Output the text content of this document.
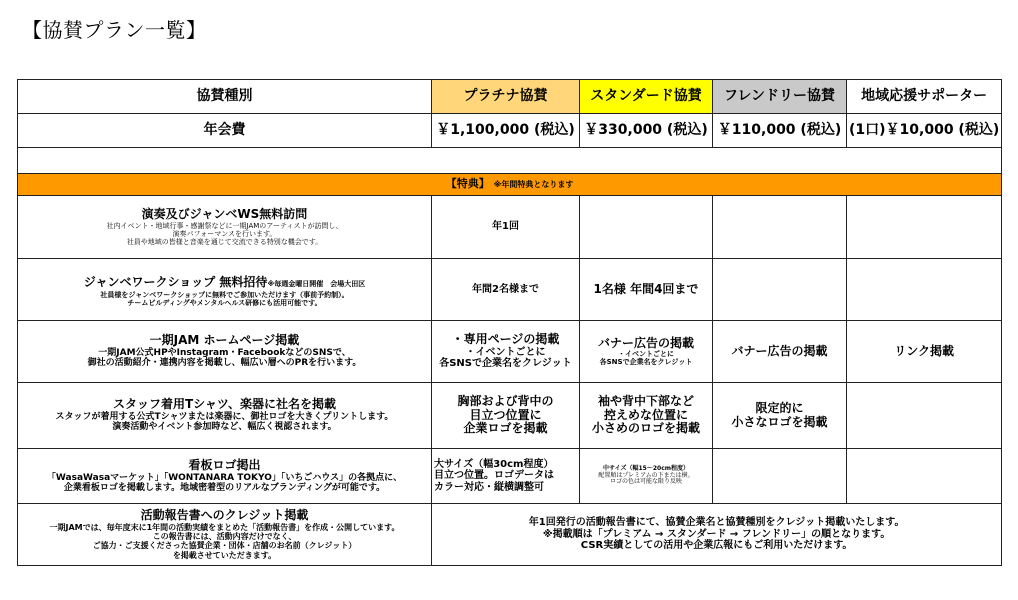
【協賛プラン一覧】
協賛種別	プラチナ協賛	スタンダード協賛	フレンドリー協賛	地域応援サポーター
年会費	￥1,100,000 (税込)	￥330,000 (税込)	￥110,000 (税込)	(1口)￥10,000 (税込)

【特典】 ※年間特典となります				

演奏及びジャンベWS無料訪問
社内イベント・地域行事・感謝祭などに一期JAMのアーティストが訪問し、
演奏パフォーマンスを行います。
社員や地域の皆様と音楽を通じて交流できる特別な機会です。	年1回			

ジャンベワークショップ 無料招待※毎週金曜日開催　会場大田区
社員様をジャンベワークショップに無料でご参加いただけます（事前予約制）。
チームビルディングやメンタルヘルス研修にも活用可能です。	年間2名様まで	1名様 年間4回まで		

一期JAM ホームページ掲載
一期JAM公式HPやInstagram・FacebookなどのSNSで、
御社の活動紹介・連携内容を掲載し、幅広い層へのPRを行います。	・専用ページの掲載
・イベントごとに
各SNSで企業名をクレジット	バナー広告の掲載
・イベントごとに
各SNSで企業名をクレジット	バナー広告の掲載	リンク掲載

スタッフ着用Tシャツ、楽器に社名を掲載
スタッフが着用する公式Tシャツまたは楽器に、御社ロゴを大きくプリントします。
演奏活動やイベント参加時など、幅広く視認されます。	胸部および背中の
目立つ位置に
企業ロゴを掲載	袖や背中下部など
控えめな位置に
小さめのロゴを掲載	限定的に
小さなロゴを掲載	

看板ロゴ掲出
「WasaWasaマーケット」「WONTANARA TOKYO」「いちごハウス」の各拠点に、
企業看板ロゴを掲載します。地域密着型のリアルなブランディングが可能です。	大サイズ（幅30cm程度）
目立つ位置。ロゴデータは
カラー対応・縦横調整可	中サイズ（幅15〜20cm程度）
配置順はプレミアムの下または横。
ロゴの色は可能な限り反映		

活動報告書へのクレジット掲載
一期JAMでは、毎年度末に1年間の活動実績をまとめた「活動報告書」を作成・公開しています。
この報告書には、活動内容だけでなく、
ご協力・ご支援くださった協賛企業・団体・店舗のお名前（クレジット）
を掲載させていただきます。	年1回発行の活動報告書にて、協賛企業名と協賛種別をクレジット掲載いたします。
※掲載順は「プレミアム → スタンダード → フレンドリー」の順となります。
CSR実績としての活用や企業広報にもご利用いただけます。			
